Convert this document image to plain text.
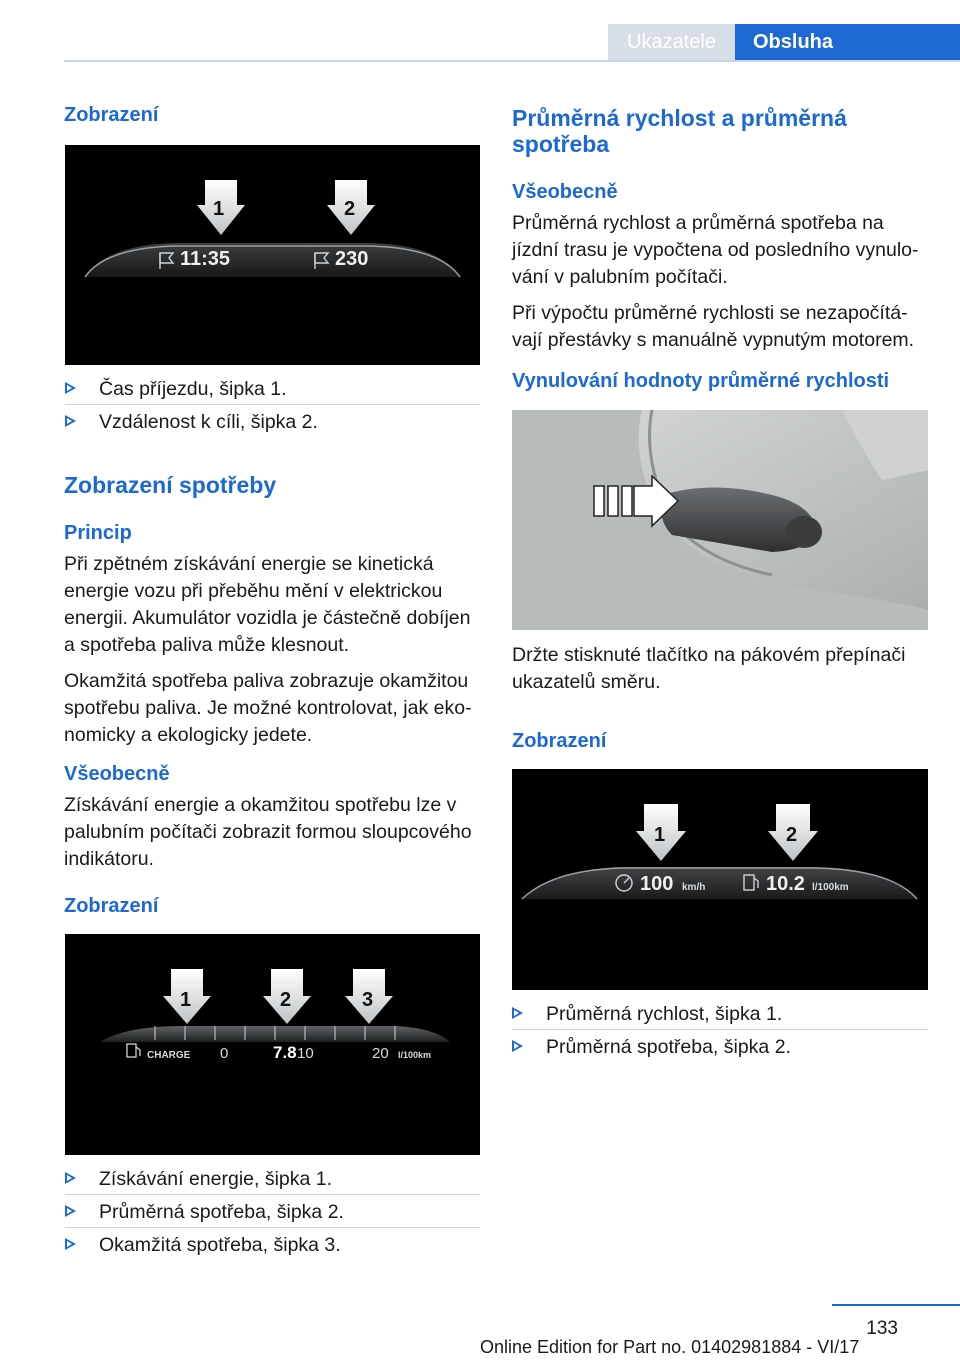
Ukazatele	Obsluha
Zobrazení
1	2
11:35	230
Čas příjezdu, šipka 1.
Vzdálenost k cíli, šipka 2.
Zobrazení spotřeby
Princip

Při zpětném získávání energie se kinetická energie vozu při přeběhu mění v elektrickou energii. Akumulátor vozidla je částečně dobíjen a spotřeba paliva může klesnout.

Okamžitá spotřeba paliva zobrazuje okamžitou spotřebu paliva. Je možné kontrolovat, jak ekonomicky a ekologicky jedete.

Všeobecně

Získávání energie a okamžitou spotřebu lze v palubním počítači zobrazit formou sloupcového indikátoru.

Zobrazení
1	2	3
CHARGE 0	7.8 10	20 l/100km
Získávání energie, šipka 1.
Průměrná spotřeba, šipka 2.
Okamžitá spotřeba, šipka 3.
Průměrná rychlost a průměrná spotřeba
Všeobecně

Průměrná rychlost a průměrná spotřeba na jízdní trasu je vypočtena od posledního vynulování v palubním počítači.

Při výpočtu průměrné rychlosti se nezapočítávají přestávky s manuálně vypnutým motorem.

Vynulování hodnoty průměrné rychlosti

Držte stisknuté tlačítko na pákovém přepínači ukazatelů směru.

Zobrazení
1	2
100 km/h	10.2 l/100km
Průměrná rychlost, šipka 1.
Průměrná spotřeba, šipka 2.
133
Online Edition for Part no. 01402981884 - VI/17
